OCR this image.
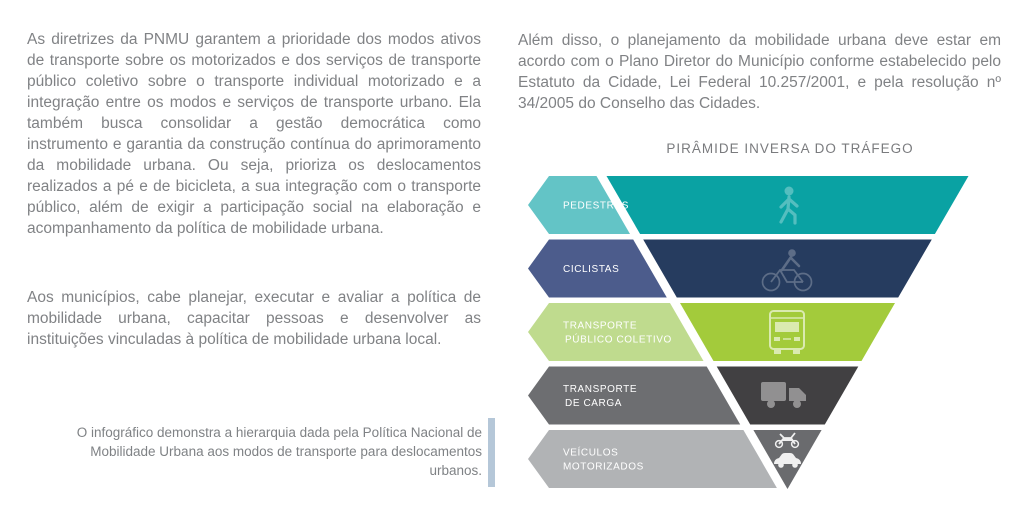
As diretrizes da PNMU garantem a prioridade dos modos ativos de transporte sobre os motorizados e dos serviços de transporte público coletivo sobre o transporte individual motorizado e a integração entre os modos e serviços de transporte urbano. Ela também busca consolidar a gestão democrática como instrumento e garantia da construção contínua do aprimoramento da mobilidade urbana. Ou seja, prioriza os deslocamentos realizados a pé e de bicicleta, a sua integração com o transporte público, além de exigir a participação social na elaboração e acompanhamento da política de mobilidade urbana.

Aos municípios, cabe planejar, executar e avaliar a política de mobilidade urbana, capacitar pessoas e desenvolver as instituições vinculadas à política de mobilidade urbana local.

O infográfico demonstra a hierarquia dada pela Política Nacional de Mobilidade Urbana aos modos de transporte para deslocamentos urbanos.

Além disso, o planejamento da mobilidade urbana deve estar em acordo com o Plano Diretor do Município conforme estabelecido pelo Estatuto da Cidade, Lei Federal 10.257/2001, e pela resolução nº 34/2005 do Conselho das Cidades.

PIRÂMIDE INVERSA DO TRÁFEGO
PEDESTRES
CICLISTAS
TRANSPORTE PÚBLICO COLETIVO
TRANSPORTE DE CARGA
VEÍCULOS MOTORIZADOS
